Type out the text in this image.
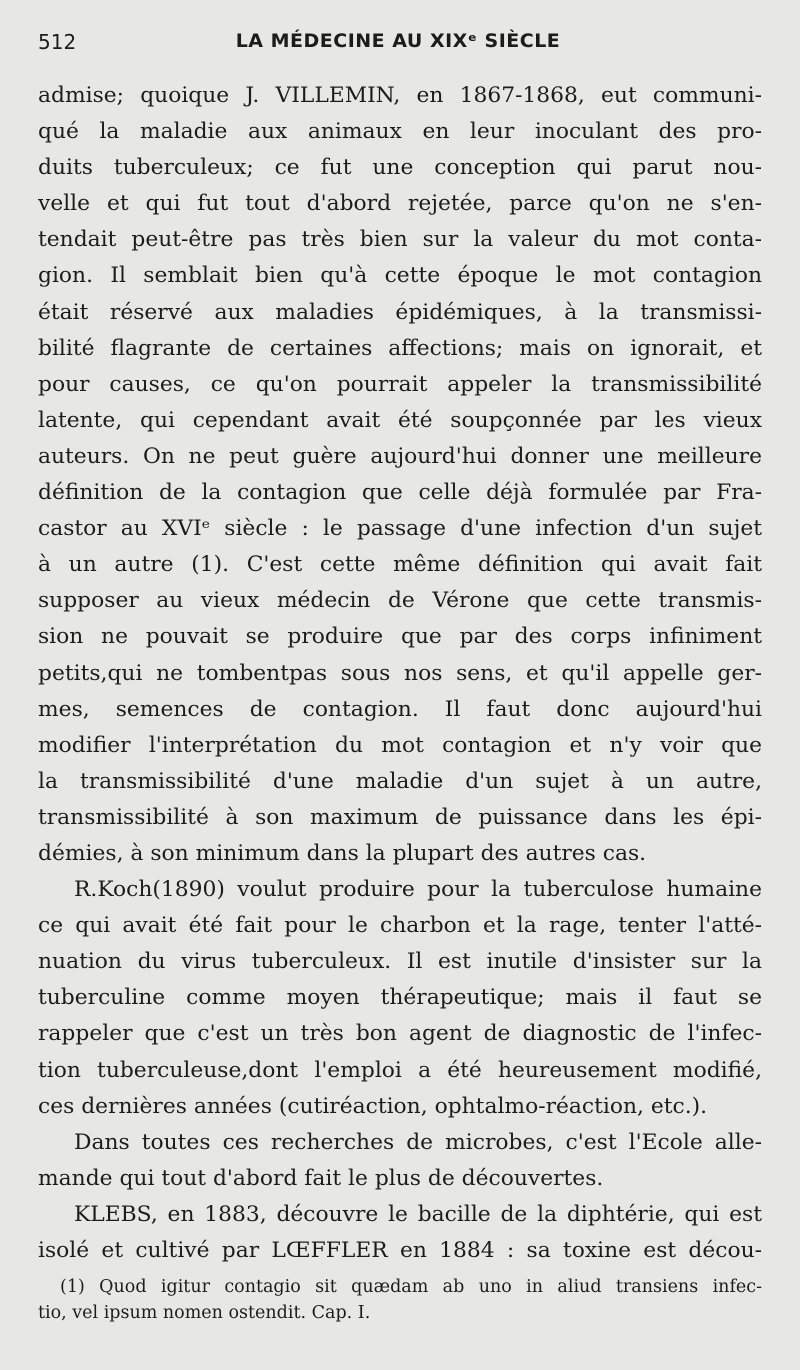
512	LA MÉDECINE AU XIXᵉ SIÈCLE
admise; quoique J. VILLEMIN, en 1867-1868, eut communi-
qué la maladie aux animaux en leur inoculant des pro-
duits tuberculeux; ce fut une conception qui parut nou-
velle et qui fut tout d'abord rejetée, parce qu'on ne s'en-
tendait peut-être pas très bien sur la valeur du mot conta-
gion. Il semblait bien qu'à cette époque le mot contagion
était réservé aux maladies épidémiques, à la transmissi-
bilité flagrante de certaines affections; mais on ignorait, et
pour causes, ce qu'on pourrait appeler la transmissibilité
latente, qui cependant avait été soupçonnée par les vieux
auteurs. On ne peut guère aujourd'hui donner une meilleure
définition de la contagion que celle déjà formulée par Fra-
castor au XVIᵉ siècle : le passage d'une infection d'un sujet
à un autre (1). C'est cette même définition qui avait fait
supposer au vieux médecin de Vérone que cette transmis-
sion ne pouvait se produire que par des corps infiniment
petits,qui ne tombentpas sous nos sens, et qu'il appelle ger-
mes, semences de contagion. Il faut donc aujourd'hui
modifier l'interprétation du mot contagion et n'y voir que
la transmissibilité d'une maladie d'un sujet à un autre,
transmissibilité à son maximum de puissance dans les épi-
démies, à son minimum dans la plupart des autres cas.
R.Koch(1890) voulut produire pour la tuberculose humaine
ce qui avait été fait pour le charbon et la rage, tenter l'atté-
nuation du virus tuberculeux. Il est inutile d'insister sur la
tuberculine comme moyen thérapeutique; mais il faut se
rappeler que c'est un très bon agent de diagnostic de l'infec-
tion tuberculeuse,dont l'emploi a été heureusement modifié,
ces dernières années (cutiréaction, ophtalmo-réaction, etc.).
Dans toutes ces recherches de microbes, c'est l'Ecole alle-
mande qui tout d'abord fait le plus de découvertes.
KLEBS, en 1883, découvre le bacille de la diphtérie, qui est
isolé et cultivé par LŒFFLER en 1884 : sa toxine est décou-
(1) Quod igitur contagio sit quædam ab uno in aliud transiens infec-
tio, vel ipsum nomen ostendit. Cap. I.
